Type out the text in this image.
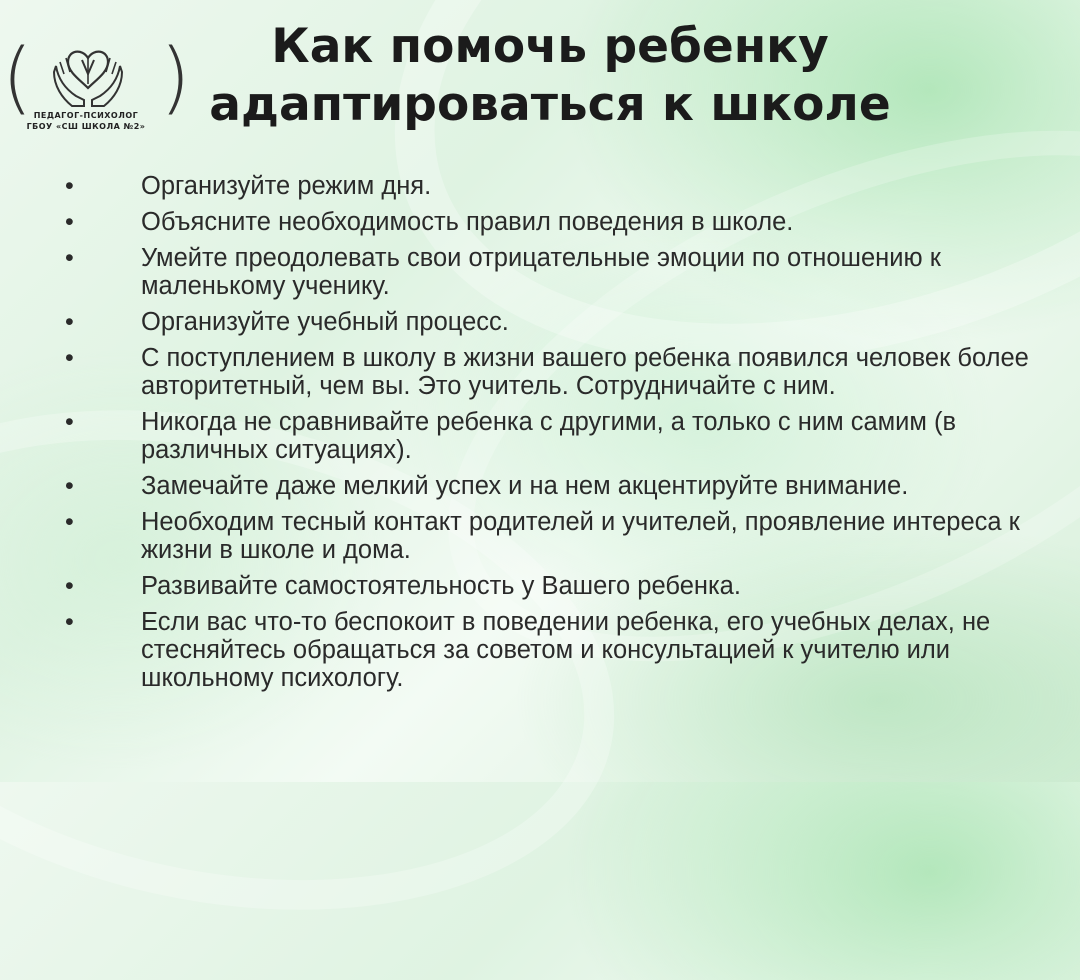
( )
ПЕДАГОГ-ПСИХОЛОГ
ГБОУ «СШ ШКОЛА №2»
Как помочь ребенку
адаптироваться к школе
•	Организуйте режим дня.
•	Объясните необходимость правил поведения в школе.
•	Умейте преодолевать свои отрицательные эмоции по отношению к маленькому ученику.
•	Организуйте учебный процесс.
•	С поступлением в школу в жизни вашего ребенка появился человек более авторитетный, чем вы. Это учитель. Сотрудничайте с ним.
•	Никогда не сравнивайте ребенка с другими, а только с ним самим (в различных ситуациях).
•	Замечайте даже мелкий успех и на нем акцентируйте внимание.
•	Необходим тесный контакт родителей и учителей, проявление интереса к жизни в школе и дома.
•	Развивайте самостоятельность у Вашего ребенка.
•	Если вас что-то беспокоит в поведении ребенка, его учебных делах, не стесняйтесь обращаться за советом и консультацией к учителю или школьному психологу.
